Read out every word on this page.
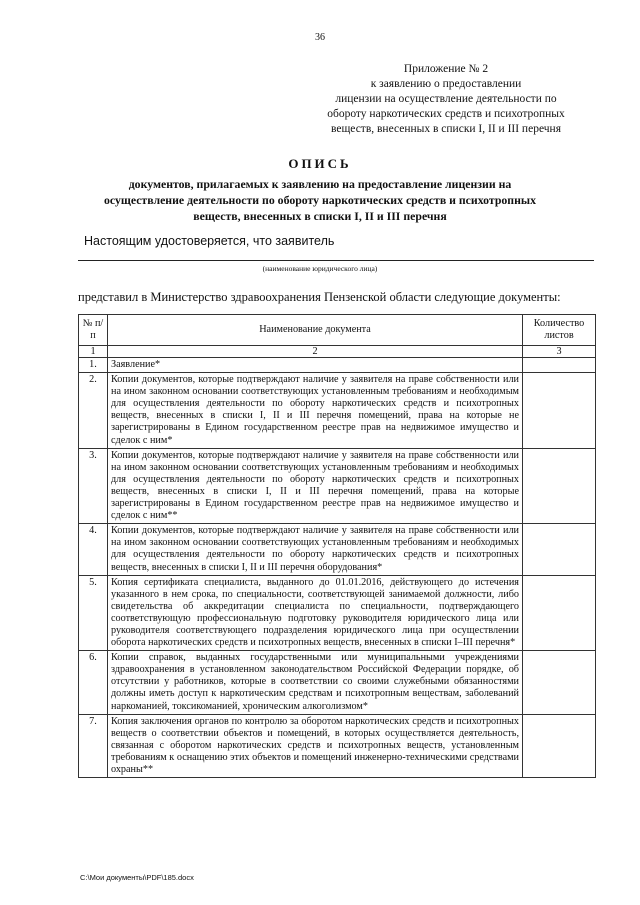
36
Приложение № 2
к заявлению о предоставлении
лицензии на осуществление деятельности по
обороту наркотических средств и психотропных
веществ, внесенных в списки I, II и III перечня
ОПИСЬ
документов, прилагаемых к заявлению на предоставление лицензии на осуществление деятельности по обороту наркотических средств и психотропных веществ, внесенных в списки I, II и III перечня
Настоящим удостоверяется, что заявитель
(наименование юридического лица)
представил в Министерство здравоохранения Пензенской области следующие документы:
№ п/п	Наименование документа	Количество листов
1	2	3
1.	Заявление*	
2.	Копии документов, которые подтверждают наличие у заявителя на праве собственности или на ином законном основании соответствующих установленным требованиям и необходимым для осуществления деятельности по обороту наркотических средств и психотропных веществ, внесенных в списки I, II и III перечня помещений, права на которые не зарегистрированы в Едином государственном реестре прав на недвижимое имущество и сделок с ним*	
3.	Копии документов, которые подтверждают наличие у заявителя на праве собственности или на ином законном основании соответствующих установленным требованиям и необходимых для осуществления деятельности по обороту наркотических средств и психотропных веществ, внесенных в списки I, II и III перечня помещений, права на которые зарегистрированы в Едином государственном реестре прав на недвижимое имущество и сделок с ним**	
4.	Копии документов, которые подтверждают наличие у заявителя на праве собственности или на ином законном основании соответствующих установленным требованиям и необходимых для осуществления деятельности по обороту наркотических средств и психотропных веществ, внесенных в списки I, II и III перечня оборудования*	
5.	Копия сертификата специалиста, выданного до 01.01.2016, действующего до истечения указанного в нем срока, по специальности, соответствующей занимаемой должности, либо свидетельства об аккредитации специалиста по специальности, подтверждающего соответствующую профессиональную подготовку руководителя юридического лица или руководителя соответствующего подразделения юридического лица при осуществлении оборота наркотических средств и психотропных веществ, внесенных в списки I–III перечня*	
6.	Копии справок, выданных государственными или муниципальными учреждениями здравоохранения в установленном законодательством Российской Федерации порядке, об отсутствии у работников, которые в соответствии со своими служебными обязанностями должны иметь доступ к наркотическим средствам и психотропным веществам, заболеваний наркоманией, токсикоманией, хроническим алкоголизмом*	
7.	Копия заключения органов по контролю за оборотом наркотических средств и психотропных веществ о соответствии объектов и помещений, в которых осуществляется деятельность, связанная с оборотом наркотических средств и психотропных веществ, установленным требованиям к оснащению этих объектов и помещений инженерно-техническими средствами охраны**	
C:\Мои документы\PDF\185.docx
